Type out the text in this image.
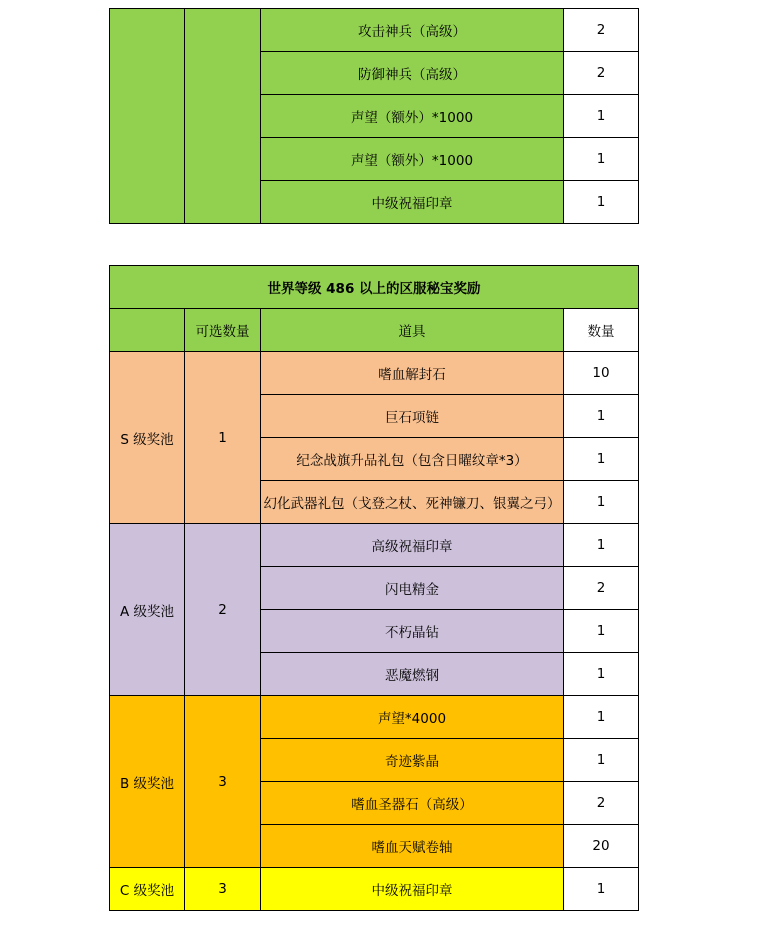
		攻击神兵（高级）	2
		防御神兵（高级）	2
		声望（额外）*1000	1
		声望（额外）*1000	1
		中级祝福印章	1
世界等级 486 以上的区服秘宝奖励			
	可选数量	道具	数量
S 级奖池	1	嗜血解封石	10
		巨石项链	1
		纪念战旗升品礼包（包含日曜纹章*3）	1
		幻化武器礼包（戈登之杖、死神镰刀、银翼之弓）	1
A 级奖池	2	高级祝福印章	1
		闪电精金	2
		不朽晶钻	1
		恶魔燃钢	1
B 级奖池	3	声望*4000	1
		奇迹紫晶	1
		嗜血圣器石（高级）	2
		嗜血天赋卷轴	20
C 级奖池	3	中级祝福印章	1
